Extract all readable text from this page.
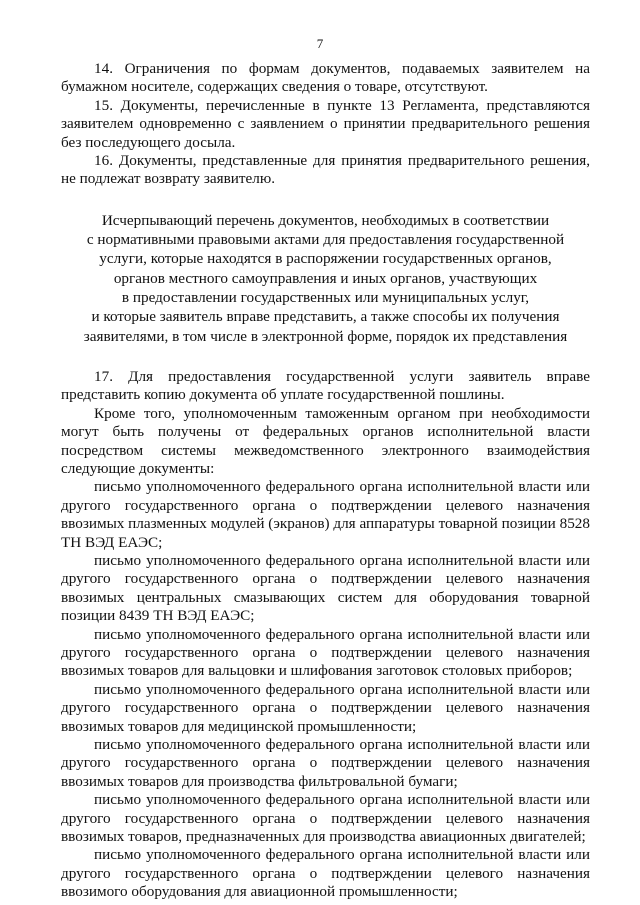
7

14. Ограничения по формам документов, подаваемых заявителем на бумажном носителе, содержащих сведения о товаре, отсутствуют.

15. Документы, перечисленные в пункте 13 Регламента, представляются заявителем одновременно с заявлением о принятии предварительного решения без последующего досыла.

16. Документы, представленные для принятия предварительного решения, не подлежат возврату заявителю.

Исчерпывающий перечень документов, необходимых в соответствии
с нормативными правовыми актами для предоставления государственной
услуги, которые находятся в распоряжении государственных органов,
органов местного самоуправления и иных органов, участвующих
в предоставлении государственных или муниципальных услуг,
и которые заявитель вправе представить, а также способы их получения
заявителями, в том числе в электронной форме, порядок их представления

17. Для предоставления государственной услуги заявитель вправе представить копию документа об уплате государственной пошлины.

Кроме того, уполномоченным таможенным органом при необходимости могут быть получены от федеральных органов исполнительной власти посредством системы межведомственного электронного взаимодействия следующие документы:

письмо уполномоченного федерального органа исполнительной власти или другого государственного органа о подтверждении целевого назначения ввозимых плазменных модулей (экранов) для аппаратуры товарной позиции 8528 ТН ВЭД ЕАЭС;

письмо уполномоченного федерального органа исполнительной власти или другого государственного органа о подтверждении целевого назначения ввозимых центральных смазывающих систем для оборудования товарной позиции 8439 ТН ВЭД ЕАЭС;

письмо уполномоченного федерального органа исполнительной власти или другого государственного органа о подтверждении целевого назначения ввозимых товаров для вальцовки и шлифования заготовок столовых приборов;

письмо уполномоченного федерального органа исполнительной власти или другого государственного органа о подтверждении целевого назначения ввозимых товаров для медицинской промышленности;

письмо уполномоченного федерального органа исполнительной власти или другого государственного органа о подтверждении целевого назначения ввозимых товаров для производства фильтровальной бумаги;

письмо уполномоченного федерального органа исполнительной власти или другого государственного органа о подтверждении целевого назначения ввозимых товаров, предназначенных для производства авиационных двигателей;

письмо уполномоченного федерального органа исполнительной власти или другого государственного органа о подтверждении целевого назначения ввозимого оборудования для авиационной промышленности;
